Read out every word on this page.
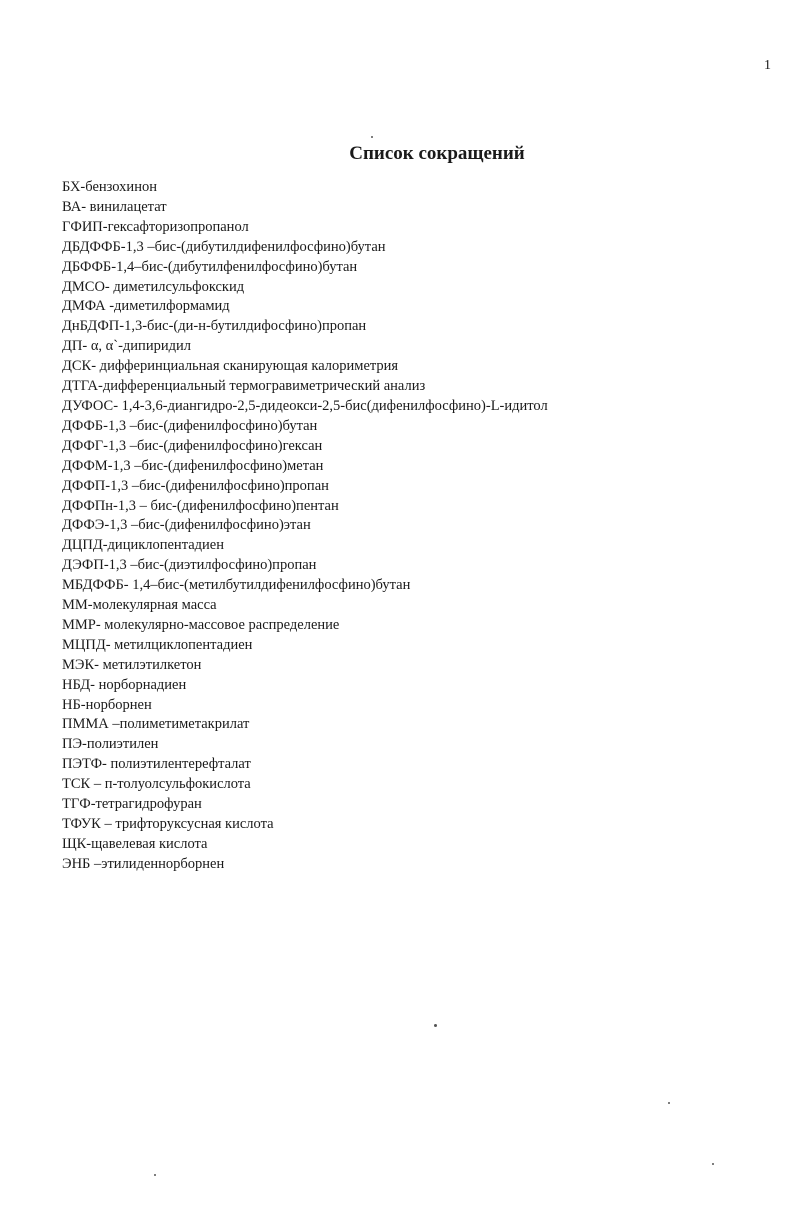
1
Список сокращений
БХ-бензохинон
ВА- винилацетат
ГФИП-гексафторизопропанол
ДБДФФБ-1,3 –бис-(дибутилдифенилфосфино)бутан
ДБФФБ-1,4–бис-(дибутилфенилфосфино)бутан
ДМСО- диметилсульфокскид
ДМФА -диметилформамид
ДнБДФП-1,3-бис-(ди-н-бутилдифосфино)пропан
ДП- α, α`-дипиридил
ДСК- дифферинциальная сканирующая калориметрия
ДТГА-дифференциальный термогравиметрический анализ
ДУФОС- 1,4-3,6-диангидро-2,5-дидеокси-2,5-бис(дифенилфосфино)-L-идитол
ДФФБ-1,3 –бис-(дифенилфосфино)бутан
ДФФГ-1,3 –бис-(дифенилфосфино)гексан
ДФФМ-1,3 –бис-(дифенилфосфино)метан
ДФФП-1,3 –бис-(дифенилфосфино)пропан
ДФФПн-1,3 – бис-(дифенилфосфино)пентан
ДФФЭ-1,3 –бис-(дифенилфосфино)этан
ДЦПД-дициклопентадиен
ДЭФП-1,3 –бис-(диэтилфосфино)пропан
МБДФФБ- 1,4–бис-(метилбутилдифенилфосфино)бутан
ММ-молекулярная масса
ММР- молекулярно-массовое распределение
МЦПД- метилциклопентадиен
МЭК- метилэтилкетон
НБД- норборнадиен
НБ-норборнен
ПММА –полиметиметакрилат
ПЭ-полиэтилен
ПЭТФ- полиэтилентерефталат
ТСК – п-толуолсульфокислота
ТГФ-тетрагидрофуран
ТФУК – трифторуксусная кислота
ЩК-щавелевая кислота
ЭНБ –этилиденнорборнен
